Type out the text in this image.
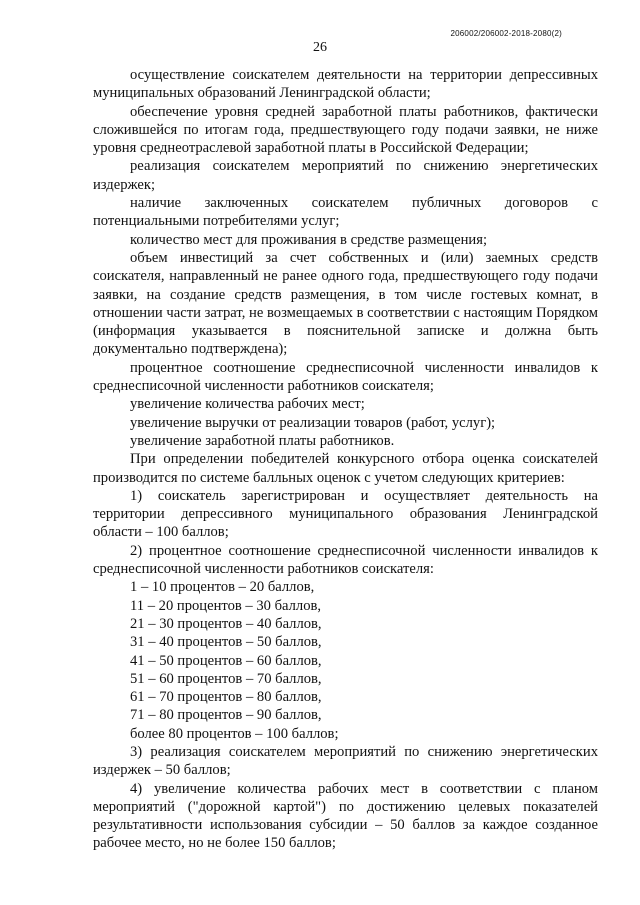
206002/206002-2018-2080(2)
26

осуществление соискателем деятельности на территории депрессивных муниципальных образований Ленинградской области;

обеспечение уровня средней заработной платы работников, фактически сложившейся по итогам года, предшествующего году подачи заявки, не ниже уровня среднеотраслевой заработной платы в Российской Федерации;

реализация соискателем мероприятий по снижению энергетических издержек;

наличие заключенных соискателем публичных договоров с потенциальными потребителями услуг;

количество мест для проживания в средстве размещения;

объем инвестиций за счет собственных и (или) заемных средств соискателя, направленный не ранее одного года, предшествующего году подачи заявки, на создание средств размещения, в том числе гостевых комнат, в отношении части затрат, не возмещаемых в соответствии с настоящим Порядком (информация указывается в пояснительной записке и должна быть документально подтверждена);

процентное соотношение среднесписочной численности инвалидов к среднесписочной численности работников соискателя;

увеличение количества рабочих мест;

увеличение выручки от реализации товаров (работ, услуг);

увеличение заработной платы работников.

При определении победителей конкурсного отбора оценка соискателей производится по системе балльных оценок с учетом следующих критериев:

1) соискатель зарегистрирован и осуществляет деятельность на территории депрессивного муниципального образования Ленинградской области – 100 баллов;

2) процентное соотношение среднесписочной численности инвалидов к среднесписочной численности работников соискателя:

1 – 10 процентов – 20 баллов,

11 – 20 процентов – 30 баллов,

21 – 30 процентов – 40 баллов,

31 – 40 процентов – 50 баллов,

41 – 50 процентов – 60 баллов,

51 – 60 процентов – 70 баллов,

61 – 70 процентов – 80 баллов,

71 – 80 процентов – 90 баллов,

более 80 процентов – 100 баллов;

3) реализация соискателем мероприятий по снижению энергетических издержек – 50 баллов;

4) увеличение количества рабочих мест в соответствии с планом мероприятий ("дорожной картой") по достижению целевых показателей результативности использования субсидии – 50 баллов за каждое созданное рабочее место, но не более 150 баллов;
